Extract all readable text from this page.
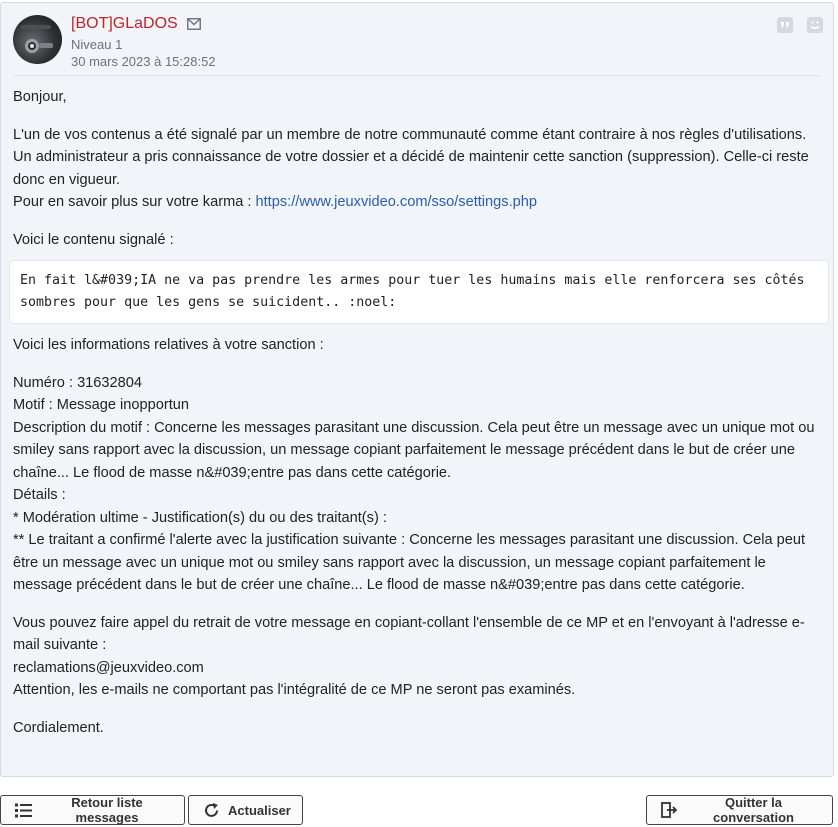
[BOT]GLaDOS
Niveau 1
30 mars 2023 à 15:28:52

Bonjour,

L'un de vos contenus a été signalé par un membre de notre communauté comme étant contraire à nos règles d'utilisations.

Un administrateur a pris connaissance de votre dossier et a décidé de maintenir cette sanction (suppression). Celle-ci reste donc en vigueur.

Pour en savoir plus sur votre karma : https://www.jeuxvideo.com/sso/settings.php

Voici le contenu signalé :

En fait l&#039;IA ne va pas prendre les armes pour tuer les humains mais elle renforcera ses côtés sombres pour que les gens se suicident.. :noel:

Voici les informations relatives à votre sanction :

Numéro : 31632804

Motif : Message inopportun

Description du motif : Concerne les messages parasitant une discussion. Cela peut être un message avec un unique mot ou smiley sans rapport avec la discussion, un message copiant parfaitement le message précédent dans le but de créer une chaîne... Le flood de masse n&#039;entre pas dans cette catégorie.

Détails :

* Modération ultime - Justification(s) du ou des traitant(s) :

** Le traitant a confirmé l'alerte avec la justification suivante : Concerne les messages parasitant une discussion. Cela peut être un message avec un unique mot ou smiley sans rapport avec la discussion, un message copiant parfaitement le message précédent dans le but de créer une chaîne... Le flood de masse n&#039;entre pas dans cette catégorie.

Vous pouvez faire appel du retrait de votre message en copiant-collant l'ensemble de ce MP et en l'envoyant à l'adresse e-mail suivante :

reclamations@jeuxvideo.com

Attention, les e-mails ne comportant pas l'intégralité de ce MP ne seront pas examinés.

Cordialement.

Retour liste messages	Actualiser	Quitter la conversation
